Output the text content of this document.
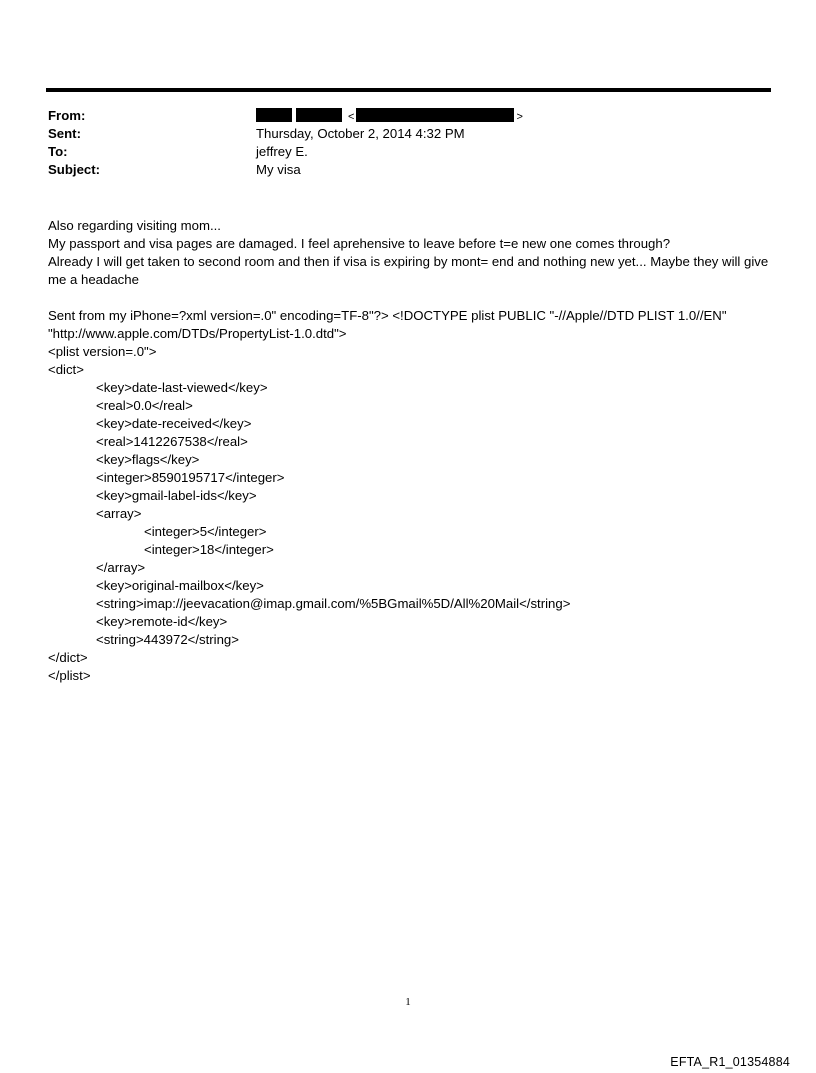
From:	<	>
Sent:	Thursday, October 2, 2014 4:32 PM
To:	jeffrey E.
Subject:	My visa
Also regarding visiting mom...
My passport and visa pages are damaged. I feel aprehensive to leave before t=e new one comes through?
Already I will get taken to second room and then if visa is expiring by mont= end and nothing new yet... Maybe they will give me a headache
Sent from my iPhone=?xml version=.0" encoding=TF-8"?> <!DOCTYPE plist PUBLIC "-//Apple//DTD PLIST 1.0//EN"
"http://www.apple.com/DTDs/PropertyList-1.0.dtd">
<plist version=.0">
<dict>
<key>date-last-viewed</key>
<real>0.0</real>
<key>date-received</key>
<real>1412267538</real>
<key>flags</key>
<integer>8590195717</integer>
<key>gmail-label-ids</key>
<array>
<integer>5</integer>
<integer>18</integer>
</array>
<key>original-mailbox</key>
<string>imap://jeevacation@imap.gmail.com/%5BGmail%5D/All%20Mail</string>
<key>remote-id</key>
<string>443972</string>
</dict>
</plist>
1
EFTA_R1_01354884
